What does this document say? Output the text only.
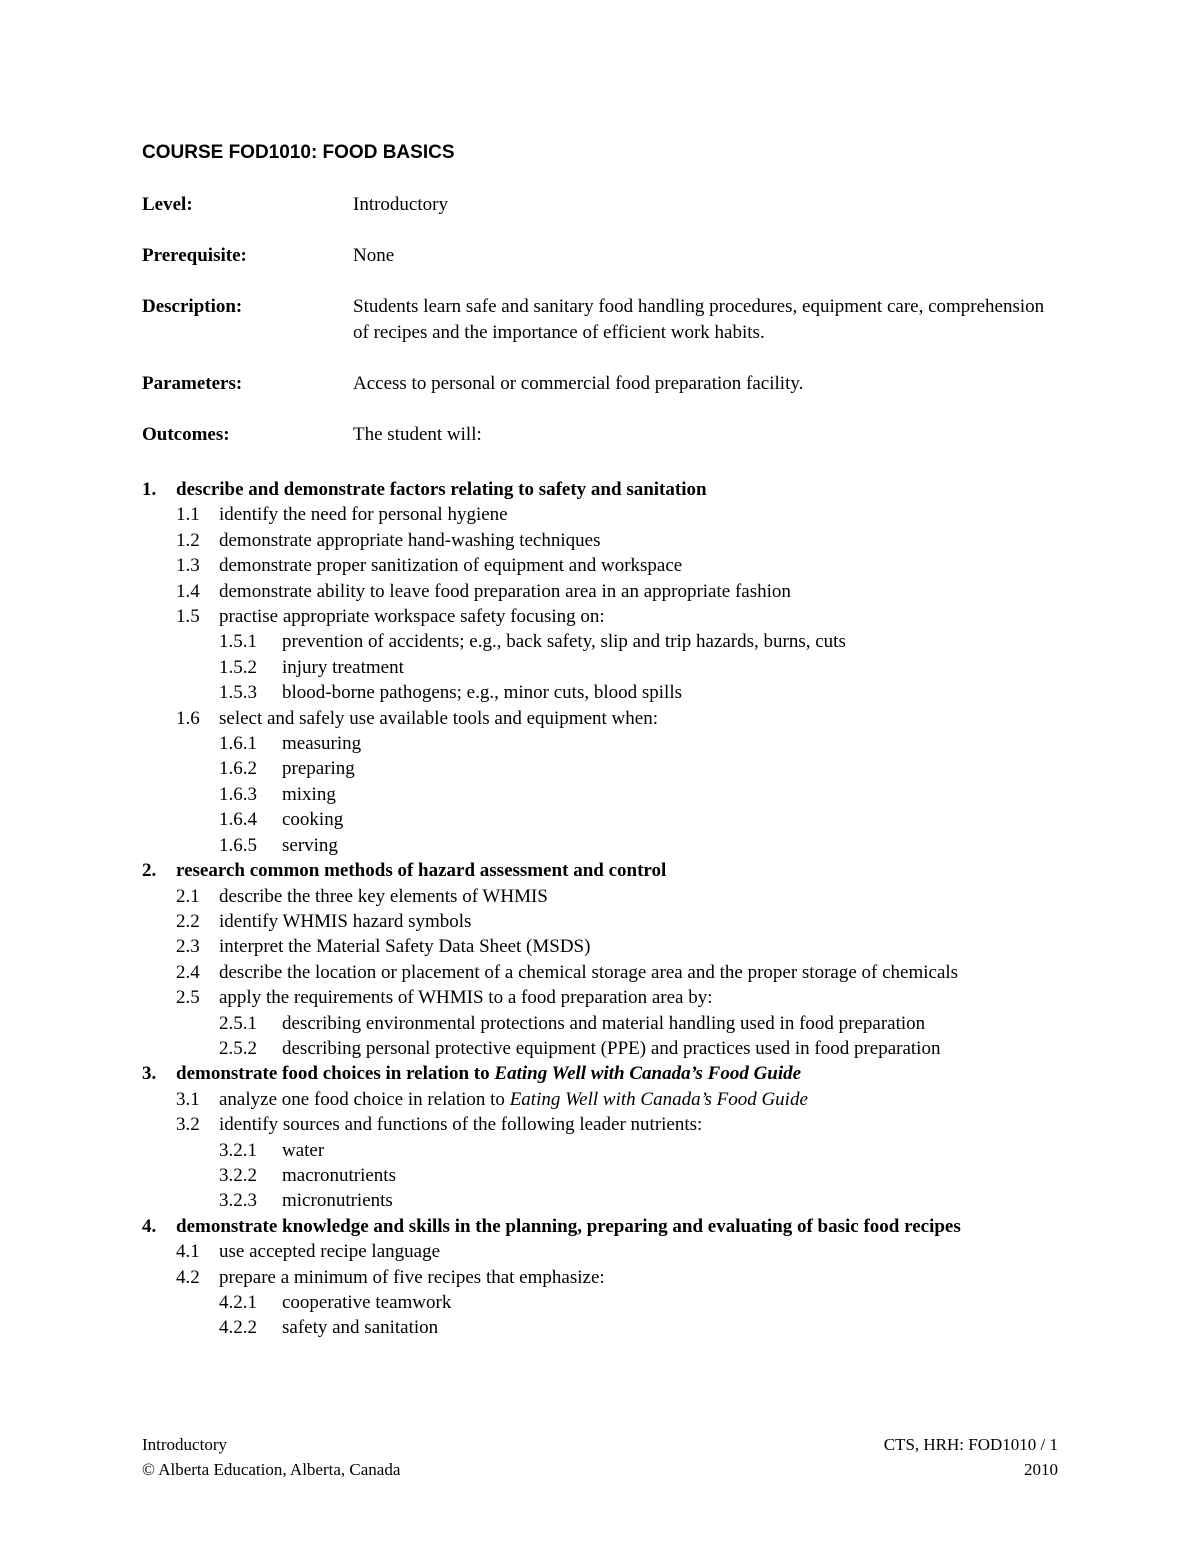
COURSE FOD1010: FOOD BASICS
Level:	Introductory
Prerequisite:	None
Description:	Students learn safe and sanitary food handling procedures, equipment care, comprehension of recipes and the importance of efficient work habits.
Parameters:	Access to personal or commercial food preparation facility.
Outcomes:	The student will:
1.	describe and demonstrate factors relating to safety and sanitation
1.1	identify the need for personal hygiene
1.2	demonstrate appropriate hand-washing techniques
1.3	demonstrate proper sanitization of equipment and workspace
1.4	demonstrate ability to leave food preparation area in an appropriate fashion
1.5	practise appropriate workspace safety focusing on:
1.5.1	prevention of accidents; e.g., back safety, slip and trip hazards, burns, cuts
1.5.2	injury treatment
1.5.3	blood-borne pathogens; e.g., minor cuts, blood spills
1.6	select and safely use available tools and equipment when:
1.6.1	measuring
1.6.2	preparing
1.6.3	mixing
1.6.4	cooking
1.6.5	serving
2.	research common methods of hazard assessment and control
2.1	describe the three key elements of WHMIS
2.2	identify WHMIS hazard symbols
2.3	interpret the Material Safety Data Sheet (MSDS)
2.4	describe the location or placement of a chemical storage area and the proper storage of chemicals
2.5	apply the requirements of WHMIS to a food preparation area by:
2.5.1	describing environmental protections and material handling used in food preparation
2.5.2	describing personal protective equipment (PPE) and practices used in food preparation
3.	demonstrate food choices in relation to Eating Well with Canada’s Food Guide
3.1	analyze one food choice in relation to Eating Well with Canada’s Food Guide
3.2	identify sources and functions of the following leader nutrients:
3.2.1	water
3.2.2	macronutrients
3.2.3	micronutrients
4.	demonstrate knowledge and skills in the planning, preparing and evaluating of basic food recipes
4.1	use accepted recipe language
4.2	prepare a minimum of five recipes that emphasize:
4.2.1	cooperative teamwork
4.2.2	safety and sanitation
Introductory
© Alberta Education, Alberta, Canada
CTS, HRH: FOD1010 / 1
2010
